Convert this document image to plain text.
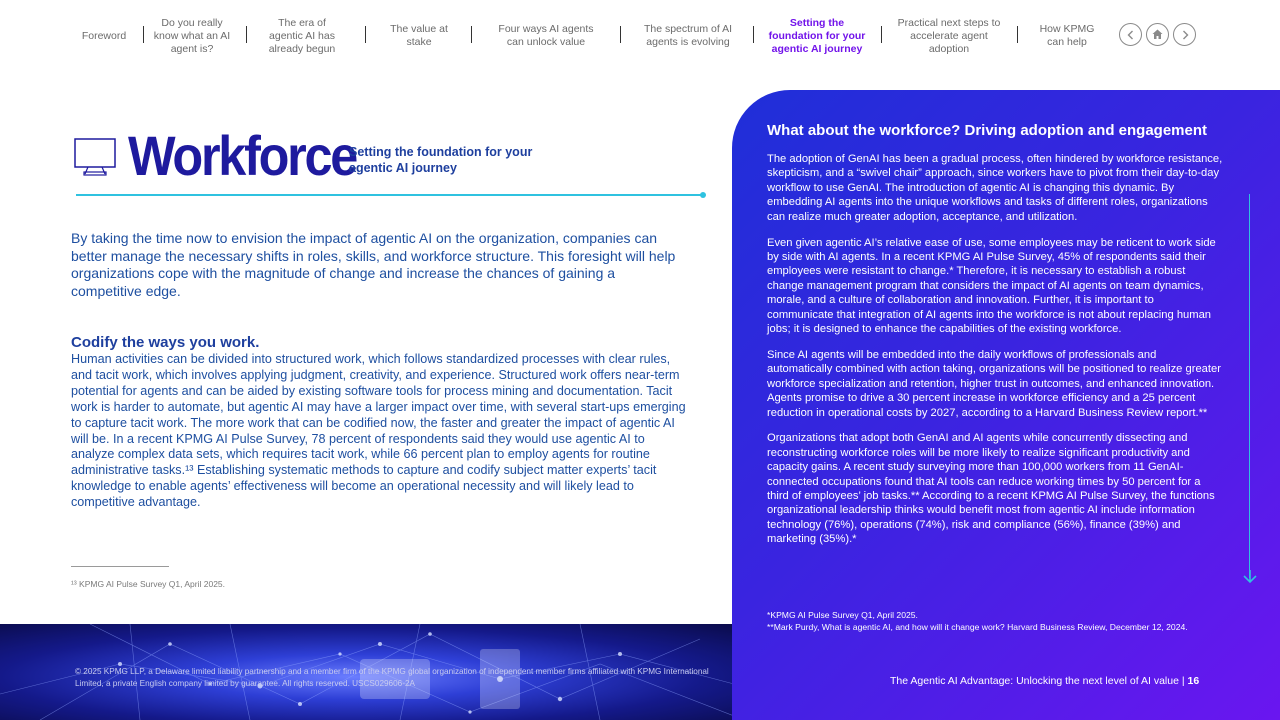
Foreword
Do you really know what an AI agent is?
The era of agentic AI has already begun
The value at stake
Four ways AI agents can unlock value
The spectrum of AI agents is evolving
Setting the foundation for your agentic AI journey
Practical next steps to accelerate agent adoption
How KPMG can help
Workforce
Setting the foundation for your agentic AI journey

By taking the time now to envision the impact of agentic AI on the organization, companies can better manage the necessary shifts in roles, skills, and workforce structure. This foresight will help organizations cope with the magnitude of change and increase the chances of gaining a competitive edge.

Codify the ways you work.

Human activities can be divided into structured work, which follows standardized processes with clear rules, and tacit work, which involves applying judgment, creativity, and experience. Structured work offers near-term potential for agents and can be aided by existing software tools for process mining and documentation. Tacit work is harder to automate, but agentic AI may have a larger impact over time, with several start-ups emerging to capture tacit work. The more work that can be codified now, the faster and greater the impact of agentic AI will be. In a recent KPMG AI Pulse Survey, 78 percent of respondents said they would use agentic AI to analyze complex data sets, which requires tacit work, while 66 percent plan to employ agents for routine administrative tasks.¹³ Establishing systematic methods to capture and codify subject matter experts’ tacit knowledge to enable agents’ effectiveness will become an operational necessity and will likely lead to competitive advantage.

¹³ KPMG AI Pulse Survey Q1, April 2025.
© 2025 KPMG LLP, a Delaware limited liability partnership and a member firm of the KPMG global organization of independent member firms affiliated with KPMG International Limited, a private English company limited by guarantee. All rights reserved. USCS029606-2A
What about the workforce? Driving adoption and engagement

The adoption of GenAI has been a gradual process, often hindered by workforce resistance, skepticism, and a “swivel chair” approach, since workers have to pivot from their day-to-day workflow to use GenAI. The introduction of agentic AI is changing this dynamic. By embedding AI agents into the unique workflows and tasks of different roles, organizations can realize much greater adoption, acceptance, and utilization.

Even given agentic AI’s relative ease of use, some employees may be reticent to work side by side with AI agents. In a recent KPMG AI Pulse Survey, 45% of respondents said their employees were resistant to change.* Therefore, it is necessary to establish a robust change management program that considers the impact of AI agents on team dynamics, morale, and a culture of collaboration and innovation. Further, it is important to communicate that integration of AI agents into the workforce is not about replacing human jobs; it is designed to enhance the capabilities of the existing workforce.

Since AI agents will be embedded into the daily workflows of professionals and automatically combined with action taking, organizations will be positioned to realize greater workforce specialization and retention, higher trust in outcomes, and enhanced innovation. Agents promise to drive a 30 percent increase in workforce efficiency and a 25 percent reduction in operational costs by 2027, according to a Harvard Business Review report.**

Organizations that adopt both GenAI and AI agents while concurrently dissecting and reconstructing workforce roles will be more likely to realize significant productivity and capacity gains. A recent study surveying more than 100,000 workers from 11 GenAI-connected occupations found that AI tools can reduce working times by 50 percent for a third of employees’ job tasks.** According to a recent KPMG AI Pulse Survey, the functions organizational leadership thinks would benefit most from agentic AI include information technology (76%), operations (74%), risk and compliance (56%), finance (39%) and marketing (35%).*

*KPMG AI Pulse Survey Q1, April 2025.
**Mark Purdy, What is agentic AI, and how will it change work? Harvard Business Review, December 12, 2024.
The Agentic AI Advantage: Unlocking the next level of AI value | 16
